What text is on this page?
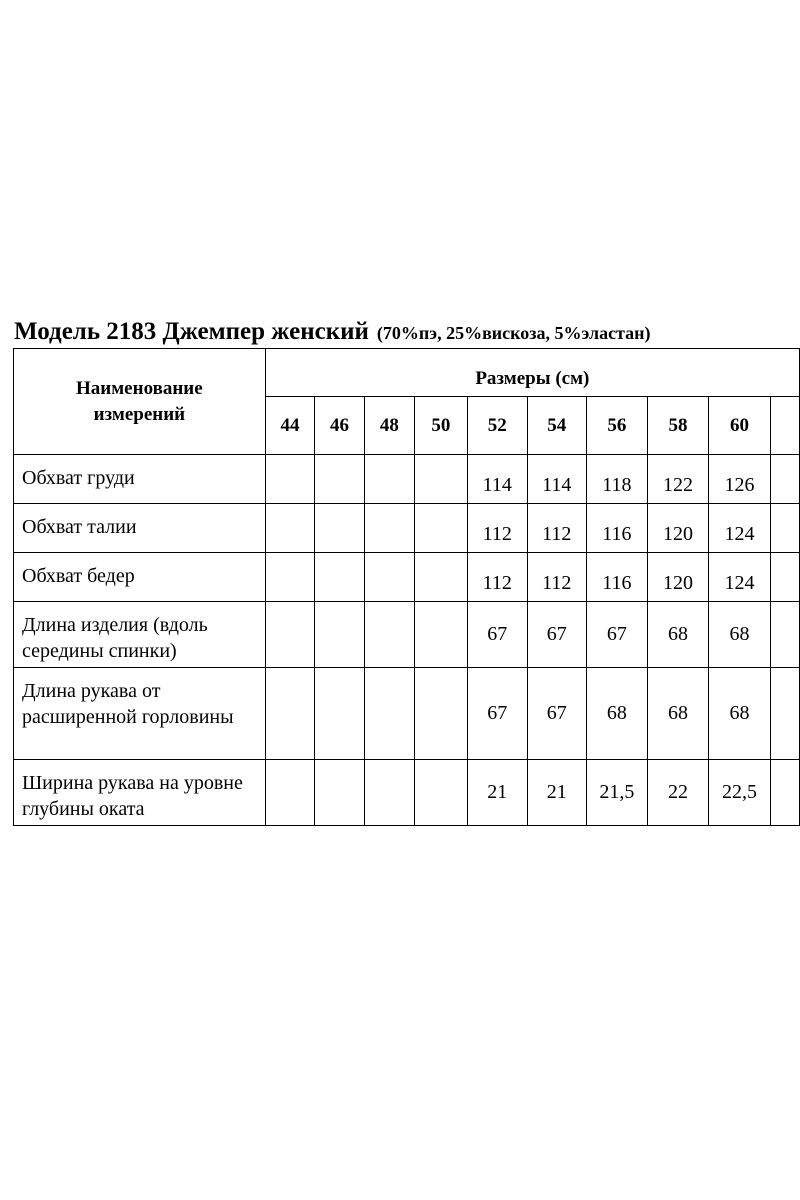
Модель 2183 Джемпер женский (70%пэ, 25%вискоза, 5%эластан)
Наименование
измерений	Размеры (см)									
	44	46	48	50	52	54	56	58	60	
Обхват груди					114	114	118	122	126	
Обхват талии					112	112	116	120	124	
Обхват бедер					112	112	116	120	124	
Длина изделия (вдоль середины спинки)					67	67	67	68	68	
Длина рукава от расширенной горловины					67	67	68	68	68	
Ширина рукава на уровне глубины оката					21	21	21,5	22	22,5	
